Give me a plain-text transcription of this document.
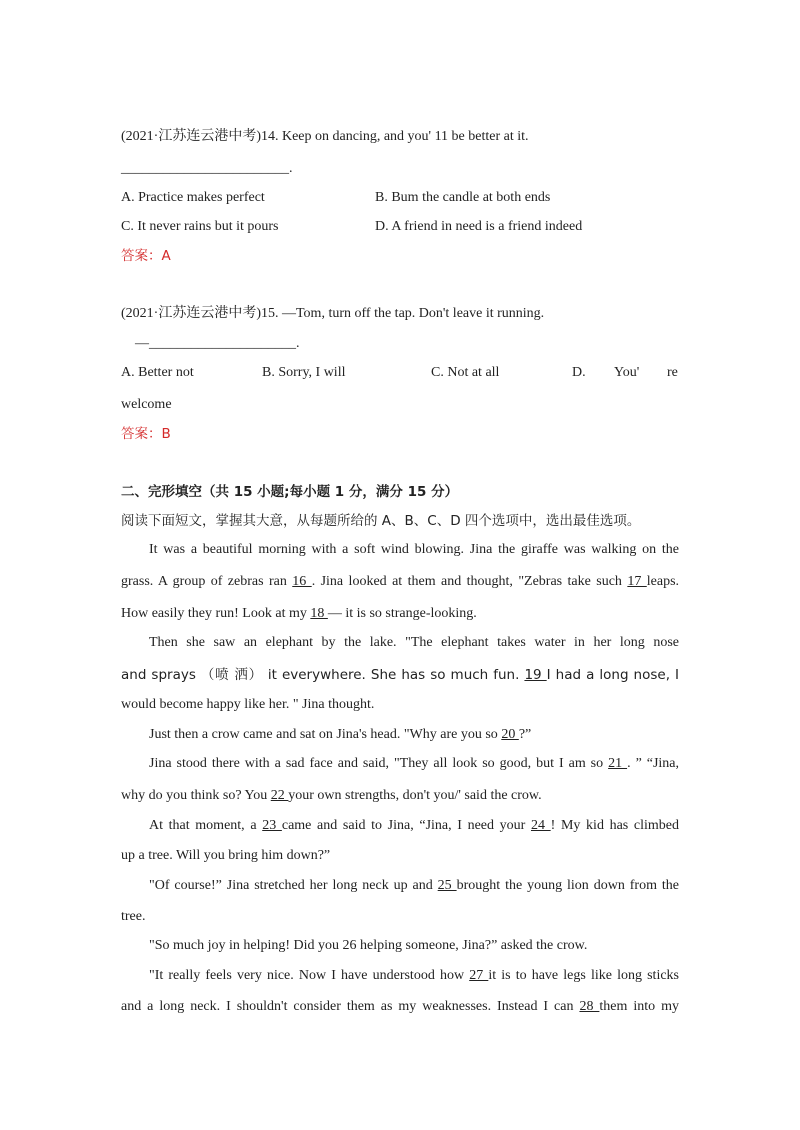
(2021·江苏连云港中考)14. Keep on dancing, and you' 11 be better at it.
________________________.
A. Practice makes perfect	B. Bum the candle at both ends
C. It never rains but it pours	D. A friend in need is a friend indeed
答案：A
(2021·江苏连云港中考)15. —Tom, turn off the tap. Don't leave it running.
—_____________________.
A. Better not	B. Sorry, I will	C. Not at all	D. You' re
welcome
答案：B
二、完形填空（共 15 小题;每小题 1 分，满分 15 分）
阅读下面短文，掌握其大意，从每题所给的 A、B、C、D 四个选项中，选出最佳选项。
It was a beautiful morning with a soft wind blowing. Jina the giraffe was walking on the
grass. A group of zebras ran 16 . Jina looked at them and thought, "Zebras take such 17 leaps.
How easily they run! Look at my 18 — it is so strange-looking.
Then she saw an elephant by the lake. "The elephant takes water in her long nose
and sprays （喷 洒） it everywhere. She has so much fun. 19 I had a long nose, I
would become happy like her. " Jina thought.
Just then a crow came and sat on Jina's head. "Why are you so 20 ?”
Jina stood there with a sad face and said, "They all look so good, but I am so 21 . ” “Jina,
why do you think so? You 22 your own strengths, don't you/' said the crow.
At that moment, a 23 came and said to Jina, “Jina, I need your 24 ! My kid has climbed
up a tree. Will you bring him down?”
"Of course!” Jina stretched her long neck up and 25 brought the young lion down from the
tree.
"So much joy in helping! Did you 26 helping someone, Jina?” asked the crow.
"It really feels very nice. Now I have understood how 27 it is to have legs like long sticks
and a long neck. I shouldn't consider them as my weaknesses. Instead I can 28 them into my
